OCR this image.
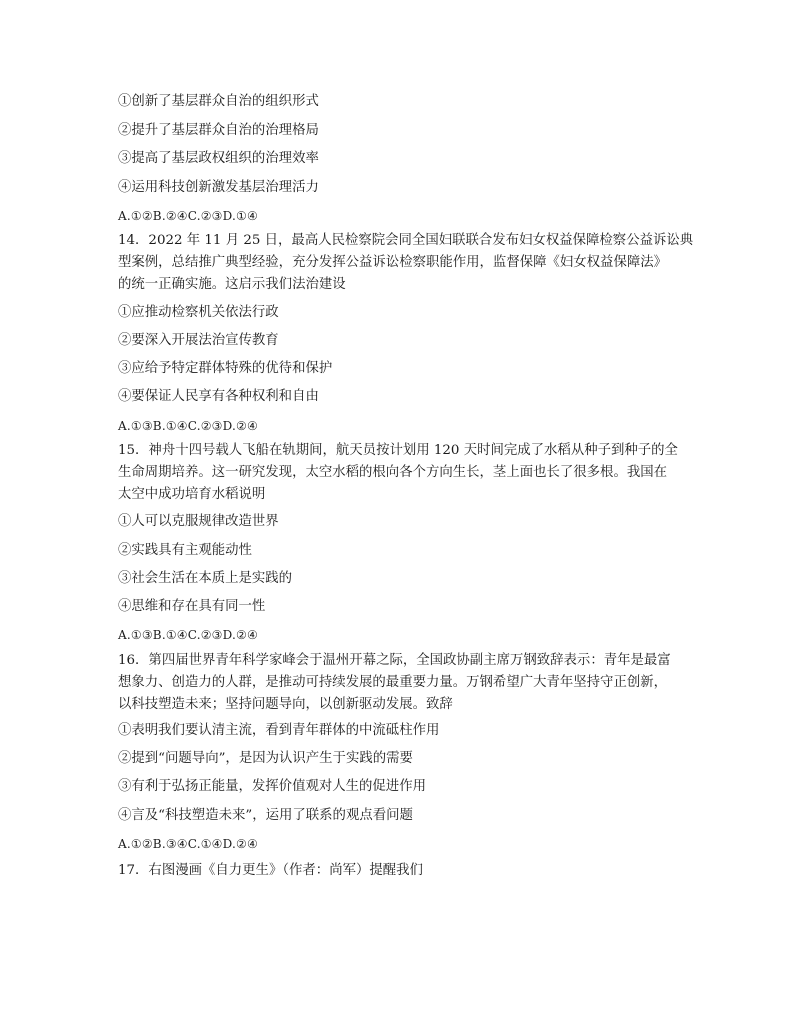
①创新了基层群众自治的组织形式
②提升了基层群众自治的治理格局
③提高了基层政权组织的治理效率
④运用科技创新激发基层治理活力
A.①②B.②④C.②③D.①④
14．2022 年 11 月 25 日，最高人民检察院会同全国妇联联合发布妇女权益保障检察公益诉讼典
型案例，总结推广典型经验，充分发挥公益诉讼检察职能作用，监督保障《妇女权益保障法》
的统一正确实施。这启示我们法治建设
①应推动检察机关依法行政
②要深入开展法治宣传教育
③应给予特定群体特殊的优待和保护
④要保证人民享有各种权利和自由
A.①③B.①④C.②③D.②④
15．神舟十四号载人飞船在轨期间，航天员按计划用 120 天时间完成了水稻从种子到种子的全
生命周期培养。这一研究发现，太空水稻的根向各个方向生长，茎上面也长了很多根。我国在
太空中成功培育水稻说明
①人可以克服规律改造世界
②实践具有主观能动性
③社会生活在本质上是实践的
④思维和存在具有同一性
A.①③B.①④C.②③D.②④
16．第四届世界青年科学家峰会于温州开幕之际，全国政协副主席万钢致辞表示：青年是最富
想象力、创造力的人群，是推动可持续发展的最重要力量。万钢希望广大青年坚持守正创新，
以科技塑造未来；坚持问题导向，以创新驱动发展。致辞
①表明我们要认清主流，看到青年群体的中流砥柱作用
②提到“问题导向”，是因为认识产生于实践的需要
③有利于弘扬正能量，发挥价值观对人生的促进作用
④言及“科技塑造未来”，运用了联系的观点看问题
A.①②B.③④C.①④D.②④
17．右图漫画《自力更生》（作者：尚军）提醒我们
